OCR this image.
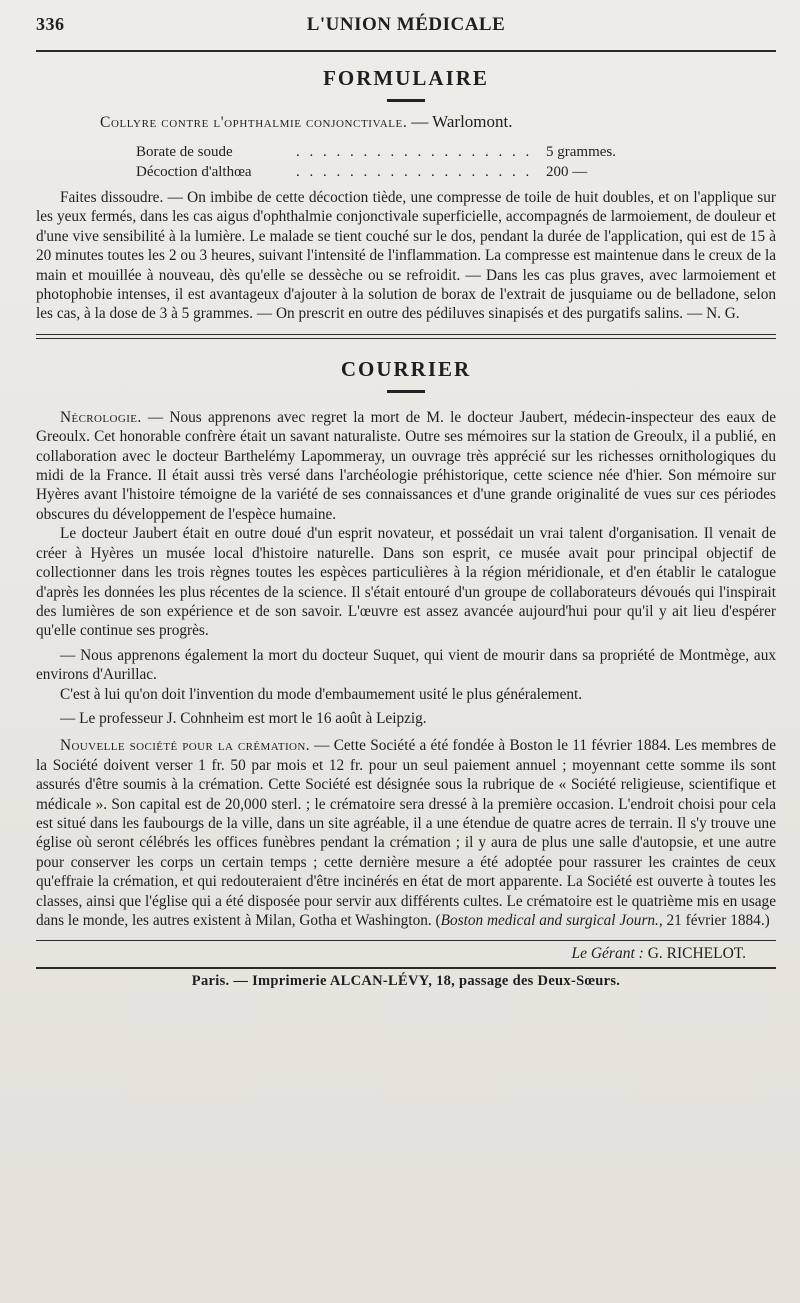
336	L'UNION MÉDICALE
FORMULAIRE
Collyre contre l'ophthalmie conjonctivale. — Warlomont.
Borate de soude	. . . . . . . . . . . . . . . . . . 5 grammes.
Décoction d'althœa	. . . . . . . . . . . . . . . . . . 200 —

Faites dissoudre. — On imbibe de cette décoction tiède, une compresse de toile de huit doubles, et on l'applique sur les yeux fermés, dans les cas aigus d'ophthalmie conjonctivale superficielle, accompagnés de larmoiement, de douleur et d'une vive sensibilité à la lumière. Le malade se tient couché sur le dos, pendant la durée de l'application, qui est de 15 à 20 minutes toutes les 2 ou 3 heures, suivant l'intensité de l'inflammation. La compresse est maintenue dans le creux de la main et mouillée à nouveau, dès qu'elle se dessèche ou se refroidit. — Dans les cas plus graves, avec larmoiement et photophobie intenses, il est avantageux d'ajouter à la solution de borax de l'extrait de jusquiame ou de belladone, selon les cas, à la dose de 3 à 5 grammes. — On prescrit en outre des pédiluves sinapisés et des purgatifs salins. — N. G.

COURRIER

Nécrologie. — Nous apprenons avec regret la mort de M. le docteur Jaubert, médecin-inspecteur des eaux de Greoulx. Cet honorable confrère était un savant naturaliste. Outre ses mémoires sur la station de Greoulx, il a publié, en collaboration avec le docteur Barthelémy Lapommeray, un ouvrage très apprécié sur les richesses ornithologiques du midi de la France. Il était aussi très versé dans l'archéologie préhistorique, cette science née d'hier. Son mémoire sur Hyères avant l'histoire témoigne de la variété de ses connaissances et d'une grande originalité de vues sur ces périodes obscures du développement de l'espèce humaine.

Le docteur Jaubert était en outre doué d'un esprit novateur, et possédait un vrai talent d'organisation. Il venait de créer à Hyères un musée local d'histoire naturelle. Dans son esprit, ce musée avait pour principal objectif de collectionner dans les trois règnes toutes les espèces particulières à la région méridionale, et d'en établir le catalogue d'après les données les plus récentes de la science. Il s'était entouré d'un groupe de collaborateurs dévoués qui l'inspirait des lumières de son expérience et de son savoir. L'œuvre est assez avancée aujourd'hui pour qu'il y ait lieu d'espérer qu'elle continue ses progrès.

— Nous apprenons également la mort du docteur Suquet, qui vient de mourir dans sa propriété de Montmège, aux environs d'Aurillac.

C'est à lui qu'on doit l'invention du mode d'embaumement usité le plus généralement.

— Le professeur J. Cohnheim est mort le 16 août à Leipzig.

Nouvelle société pour la crémation. — Cette Société a été fondée à Boston le 11 février 1884. Les membres de la Société doivent verser 1 fr. 50 par mois et 12 fr. pour un seul paiement annuel ; moyennant cette somme ils sont assurés d'être soumis à la crémation. Cette Société est désignée sous la rubrique de « Société religieuse, scientifique et médicale ». Son capital est de 20,000 sterl. ; le crématoire sera dressé à la première occasion. L'endroit choisi pour cela est situé dans les faubourgs de la ville, dans un site agréable, il a une étendue de quatre acres de terrain. Il s'y trouve une église où seront célébrés les offices funèbres pendant la crémation ; il y aura de plus une salle d'autopsie, et une autre pour conserver les corps un certain temps ; cette dernière mesure a été adoptée pour rassurer les craintes de ceux qu'effraie la crémation, et qui redouteraient d'être incinérés en état de mort apparente. La Société est ouverte à toutes les classes, ainsi que l'église qui a été disposée pour servir aux différents cultes. Le crématoire est le quatrième mis en usage dans le monde, les autres existent à Milan, Gotha et Washington. (Boston medical and surgical Journ., 21 février 1884.)

Le Gérant : G. RICHELOT.
Paris. — Imprimerie ALCAN-LÉVY, 18, passage des Deux-Sœurs.
